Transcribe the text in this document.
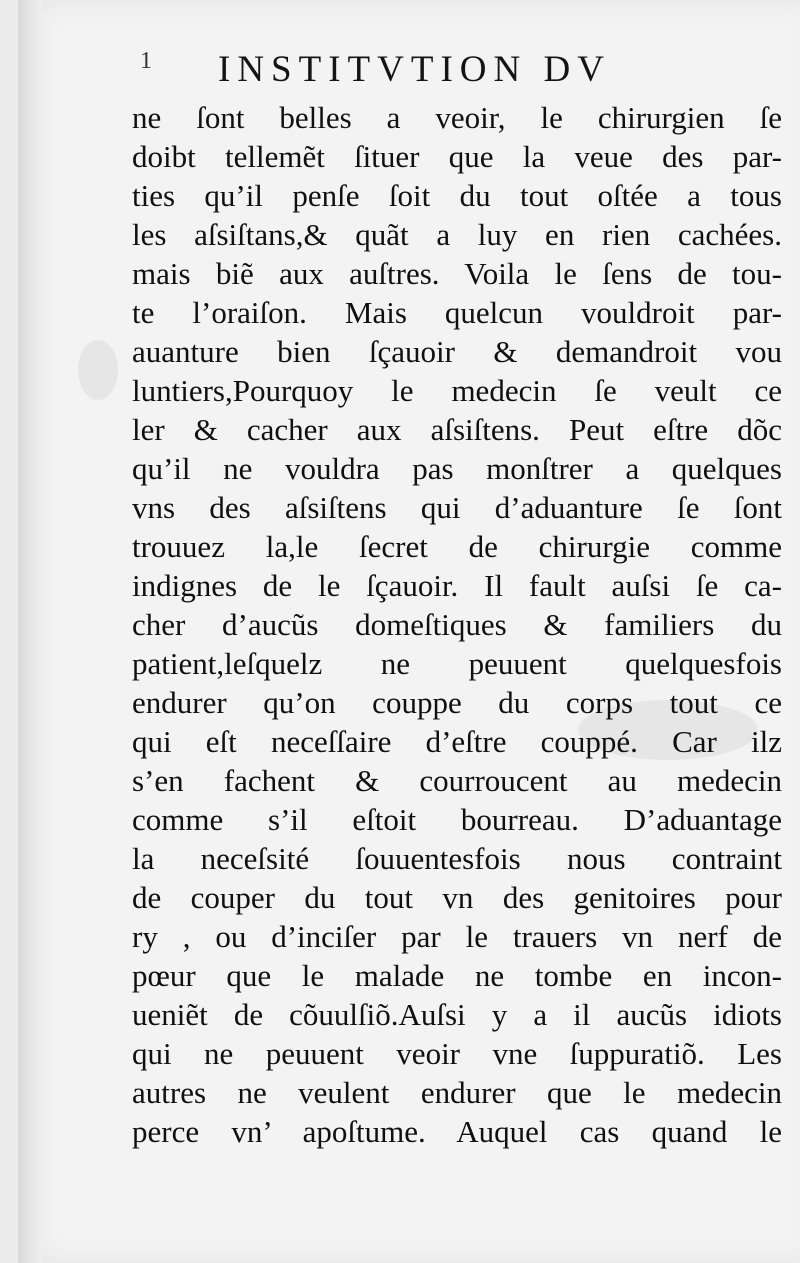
1 INSTITVTION DV
ne ſont belles a veoir, le chirurgien ſe
doibt tellemẽt ſituer que la veue des par-
ties qu’il penſe ſoit du tout oſtée a tous
les aſsiſtans,& quãt a luy en rien cachées.
mais biẽ aux auſtres. Voila le ſens de tou-
te l’oraiſon. Mais quelcun vouldroit par-
auanture bien ſçauoir & demandroit vou
luntiers,Pourquoy le medecin ſe veult ce
ler & cacher aux aſsiſtens. Peut eſtre dõc
qu’il ne vouldra pas monſtrer a quelques
vns des aſsiſtens qui d’aduanture ſe ſont
trouuez la,le ſecret de chirurgie comme
indignes de le ſçauoir. Il fault auſsi ſe ca-
cher d’aucũs domeſtiques & familiers du
patient,leſquelz ne peuuent quelquesfois
endurer qu’on couppe du corps tout ce
qui eſt neceſſaire d’eſtre couppé. Car ilz
s’en fachent & courroucent au medecin
comme s’il eſtoit bourreau. D’aduantage
la neceſsité ſouuentesfois nous contraint
de couper du tout vn des genitoires pour
ry , ou d’inciſer par le trauers vn nerf de
pœur que le malade ne tombe en incon-
ueniẽt de cõuulſiõ.Auſsi y a il aucũs idiots
qui ne peuuent veoir vne ſuppuratiõ. Les
autres ne veulent endurer que le medecin
perce vn’ apoſtume. Auquel cas quand le
